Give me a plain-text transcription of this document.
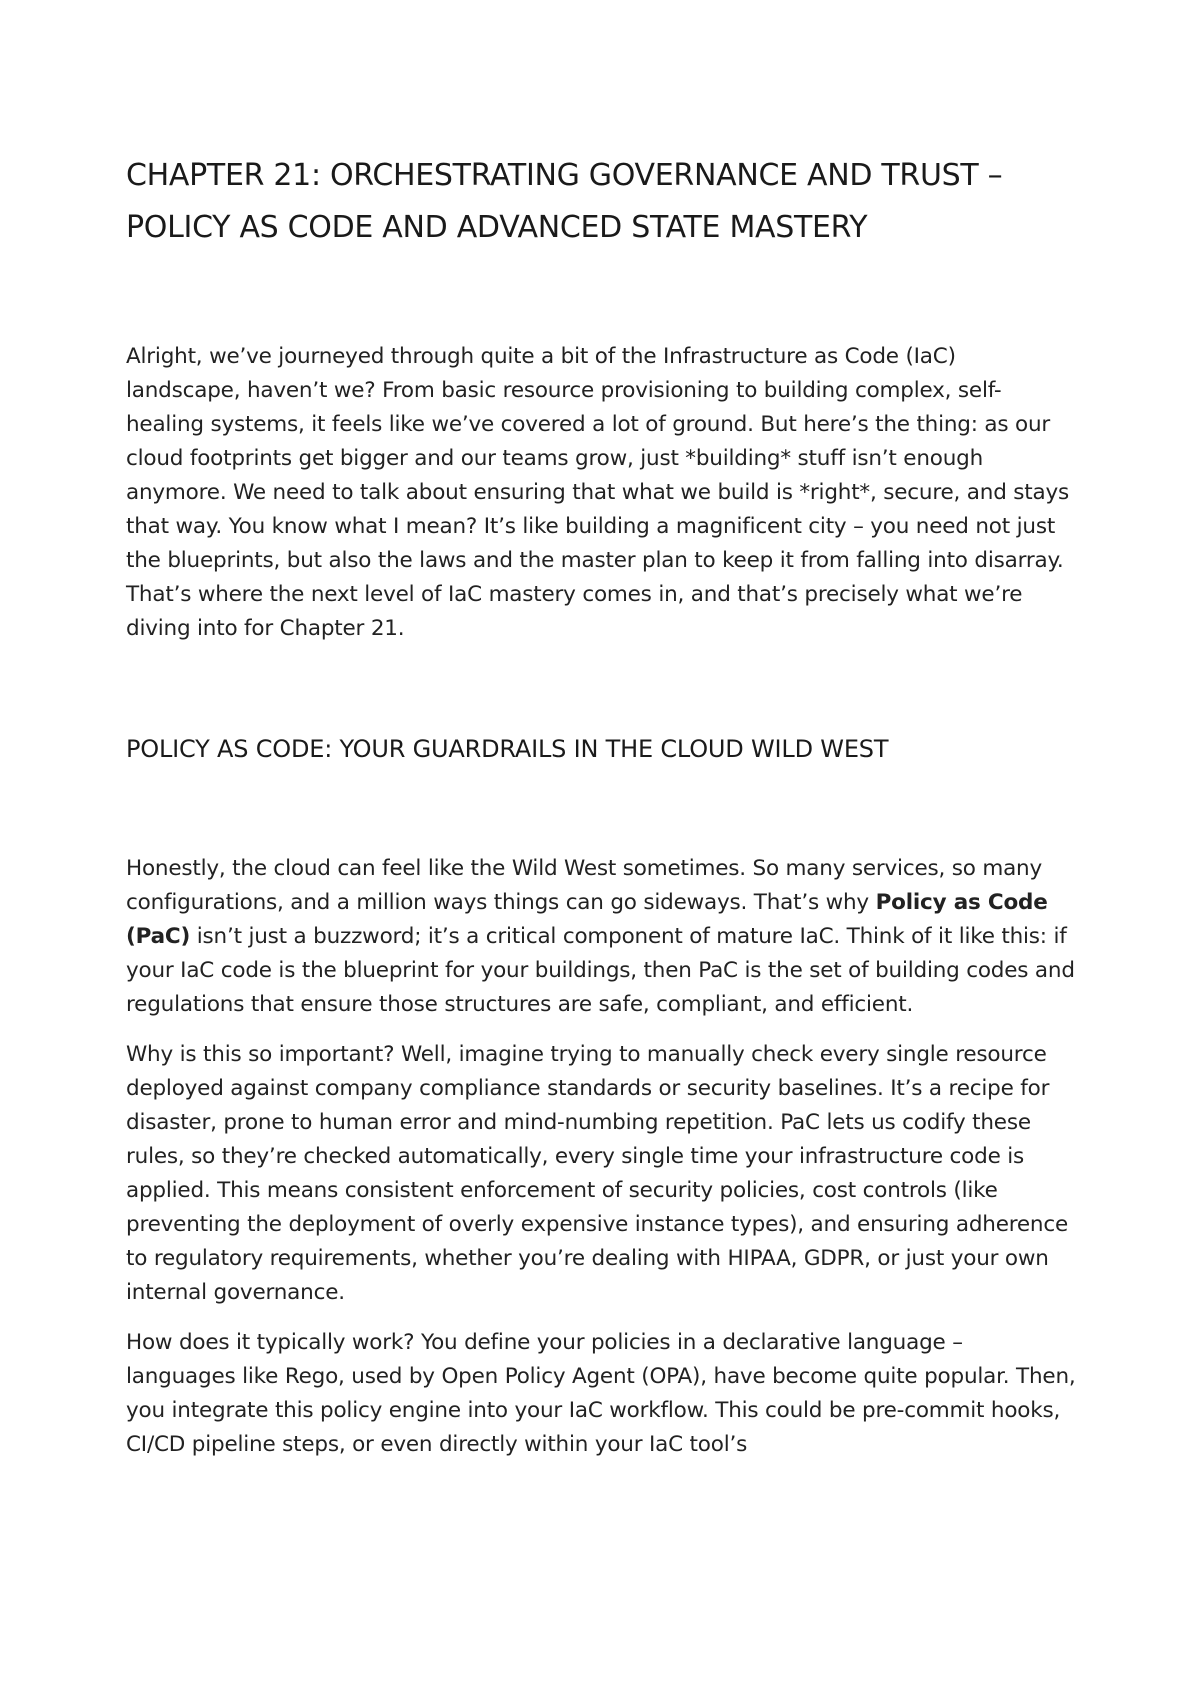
CHAPTER 21: ORCHESTRATING GOVERNANCE AND TRUST – POLICY AS CODE AND ADVANCED STATE MASTERY

Alright, we’ve journeyed through quite a bit of the Infrastructure as Code (IaC) landscape, haven’t we? From basic resource provisioning to building complex, self-healing systems, it feels like we’ve covered a lot of ground. But here’s the thing: as our cloud footprints get bigger and our teams grow, just *building* stuff isn’t enough anymore. We need to talk about ensuring that what we build is *right*, secure, and stays that way. You know what I mean? It’s like building a magnificent city – you need not just the blueprints, but also the laws and the master plan to keep it from falling into disarray. That’s where the next level of IaC mastery comes in, and that’s precisely what we’re diving into for Chapter 21.

POLICY AS CODE: YOUR GUARDRAILS IN THE CLOUD WILD WEST

Honestly, the cloud can feel like the Wild West sometimes. So many services, so many configurations, and a million ways things can go sideways. That’s why Policy as Code (PaC) isn’t just a buzzword; it’s a critical component of mature IaC. Think of it like this: if your IaC code is the blueprint for your buildings, then PaC is the set of building codes and regulations that ensure those structures are safe, compliant, and efficient.

Why is this so important? Well, imagine trying to manually check every single resource deployed against company compliance standards or security baselines. It’s a recipe for disaster, prone to human error and mind-numbing repetition. PaC lets us codify these rules, so they’re checked automatically, every single time your infrastructure code is applied. This means consistent enforcement of security policies, cost controls (like preventing the deployment of overly expensive instance types), and ensuring adherence to regulatory requirements, whether you’re dealing with HIPAA, GDPR, or just your own internal governance.

How does it typically work? You define your policies in a declarative language – languages like Rego, used by Open Policy Agent (OPA), have become quite popular. Then, you integrate this policy engine into your IaC workflow. This could be pre-commit hooks, CI/CD pipeline steps, or even directly within your IaC tool’s
